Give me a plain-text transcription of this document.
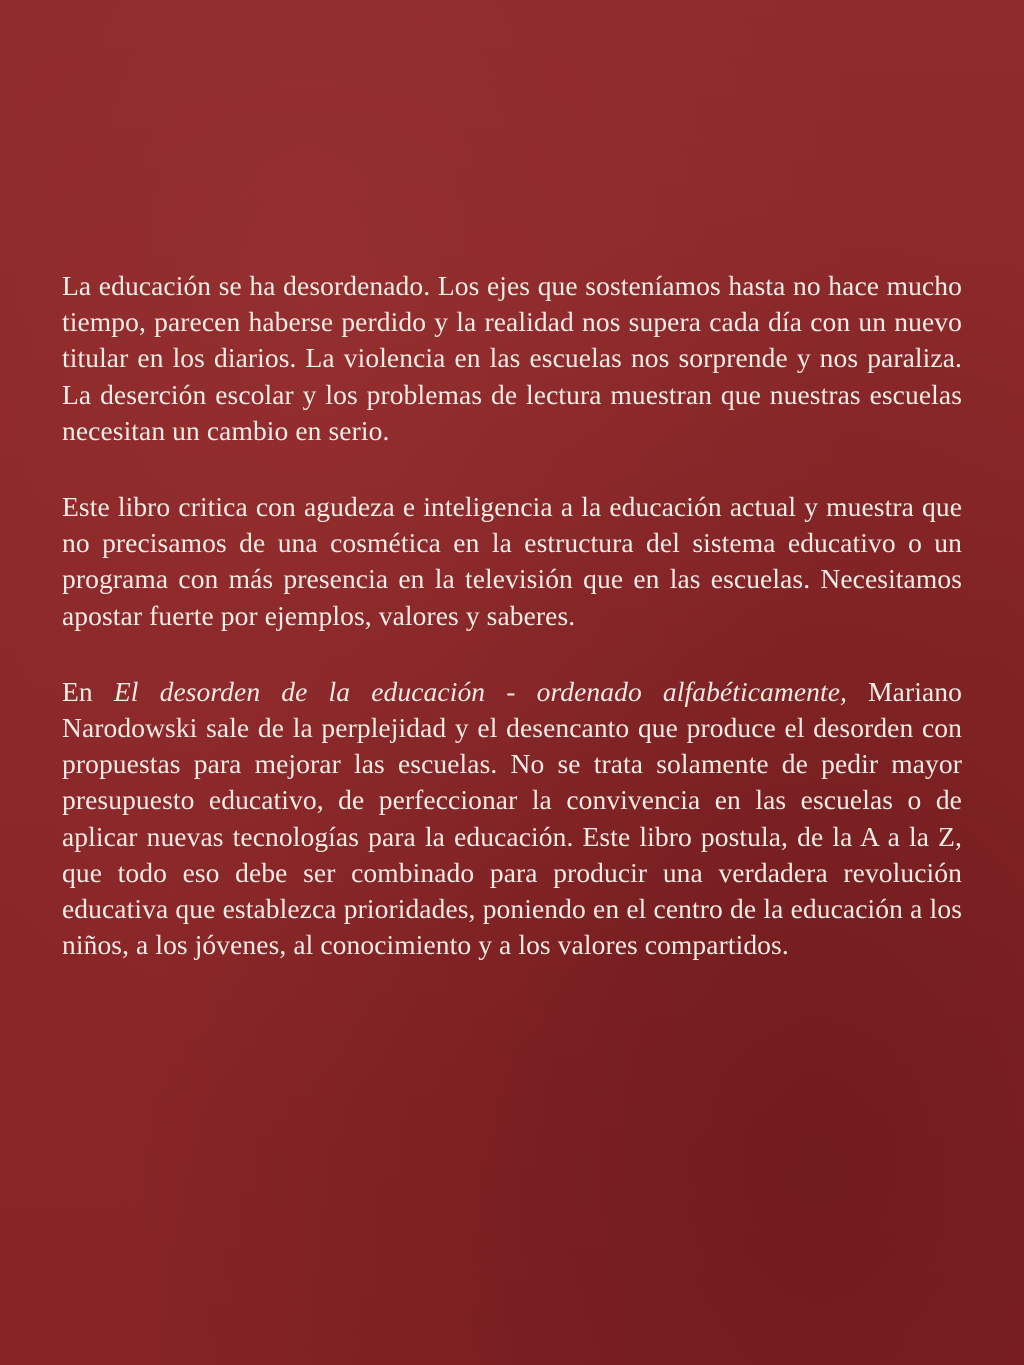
La educación se ha desordenado. Los ejes que sosteníamos hasta no hace mucho tiempo, parecen haberse perdido y la realidad nos supera cada día con un nuevo titular en los diarios. La violencia en las escuelas nos sorprende y nos paraliza. La deserción escolar y los problemas de lectura muestran que nuestras escuelas necesitan un cambio en serio.

Este libro critica con agudeza e inteligencia a la educación actual y muestra que no precisamos de una cosmética en la estructura del sistema educativo o un programa con más presencia en la televisión que en las escuelas. Necesitamos apostar fuerte por ejemplos, valores y saberes.

En El desorden de la educación - ordenado alfabéticamente, Mariano Narodowski sale de la perplejidad y el desencanto que produce el desorden con propuestas para mejorar las escuelas. No se trata solamente de pedir mayor presupuesto educativo, de perfeccionar la convivencia en las escuelas o de aplicar nuevas tecnologías para la educación. Este libro postula, de la A a la Z, que todo eso debe ser combinado para producir una verdadera revolución educativa que establezca prioridades, poniendo en el centro de la educación a los niños, a los jóvenes, al conocimiento y a los valores compartidos.
